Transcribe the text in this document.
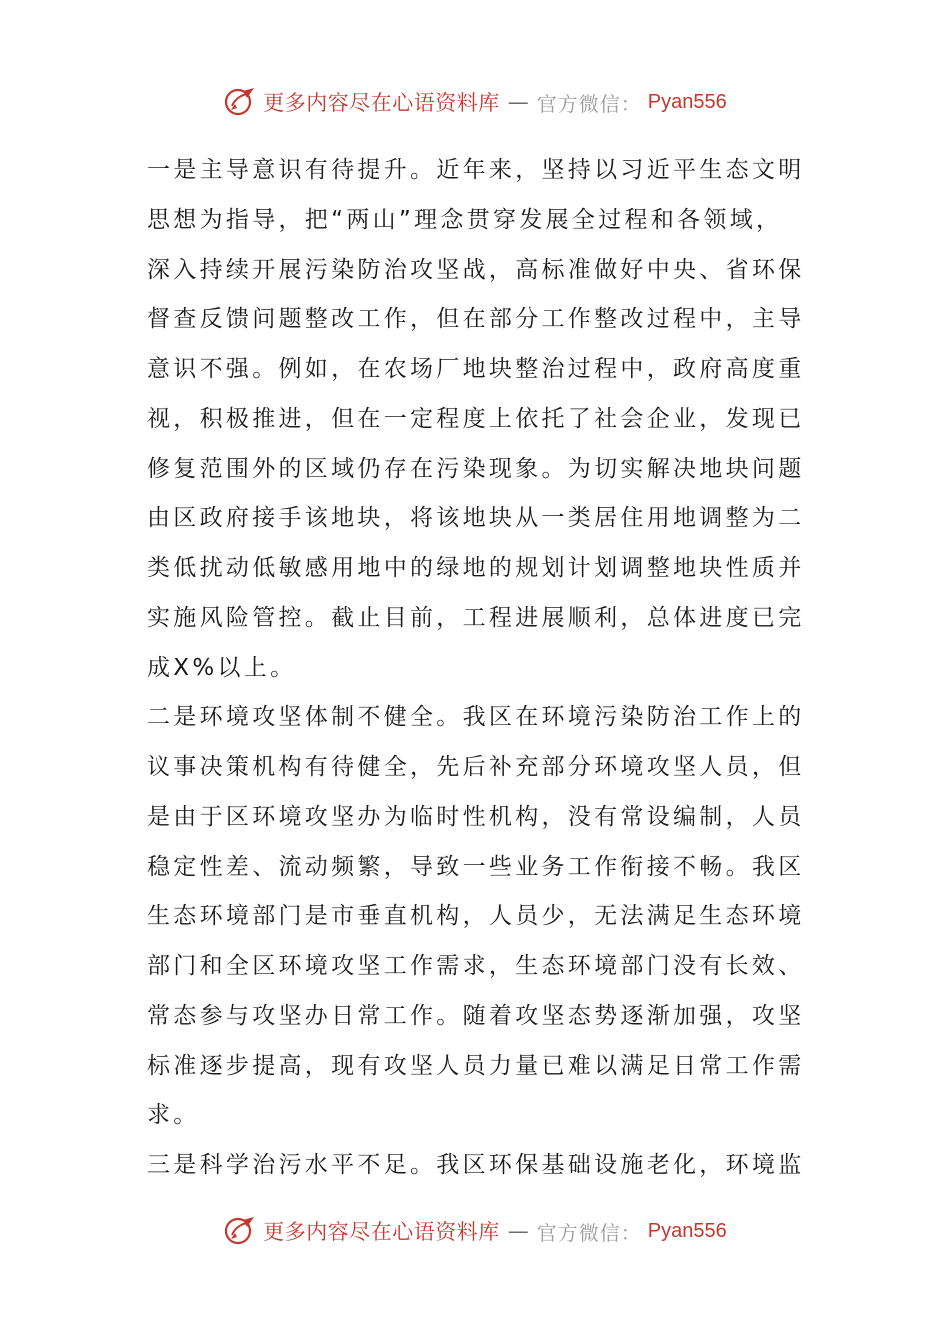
更多内容尽在心语资料库 — 官方微信： Pyan556
一是主导意识有待提升。近年来，坚持以习近平生态文明
思想为指导，把“两山”理念贯穿发展全过程和各领域，
深入持续开展污染防治攻坚战，高标准做好中央、省环保
督查反馈问题整改工作，但在部分工作整改过程中，主导
意识不强。例如，在农场厂地块整治过程中，政府高度重
视，积极推进，但在一定程度上依托了社会企业，发现已
修复范围外的区域仍存在污染现象。为切实解决地块问题
由区政府接手该地块，将该地块从一类居住用地调整为二
类低扰动低敏感用地中的绿地的规划计划调整地块性质并
实施风险管控。截止目前，工程进展顺利，总体进度已完
成X%以上。
二是环境攻坚体制不健全。我区在环境污染防治工作上的
议事决策机构有待健全，先后补充部分环境攻坚人员，但
是由于区环境攻坚办为临时性机构，没有常设编制，人员
稳定性差、流动频繁，导致一些业务工作衔接不畅。我区
生态环境部门是市垂直机构，人员少，无法满足生态环境
部门和全区环境攻坚工作需求，生态环境部门没有长效、
常态参与攻坚办日常工作。随着攻坚态势逐渐加强，攻坚
标准逐步提高，现有攻坚人员力量已难以满足日常工作需
求。
三是科学治污水平不足。我区环保基础设施老化，环境监
更多内容尽在心语资料库 — 官方微信： Pyan556
